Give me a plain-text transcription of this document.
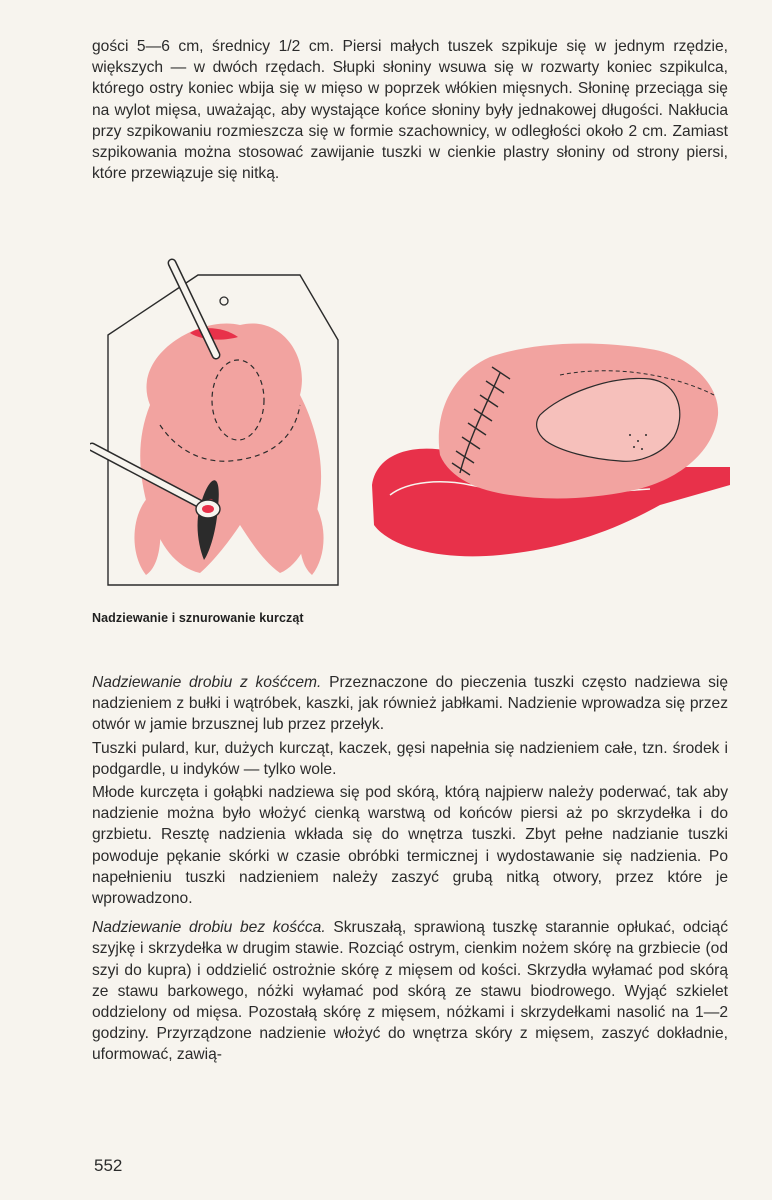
gości 5—6 cm, średnicy 1/2 cm. Piersi małych tuszek szpikuje się w jednym rzędzie, większych — w dwóch rzędach. Słupki słoniny wsuwa się w rozwarty koniec szpikulca, którego ostry koniec wbija się w mięso w poprzek włókien mięsnych. Słoninę przeciąga się na wylot mięsa, uważając, aby wystające końce słoniny były jednakowej długości. Nakłucia przy szpikowaniu rozmieszcza się w formie szachownicy, w odległości około 2 cm. Zamiast szpikowania można stosować zawijanie tuszki w cienkie plastry słoniny od strony piersi, które przewiązuje się nitką.

Nadziewanie i sznurowanie kurcząt

Nadziewanie drobiu z kośćcem. Przeznaczone do pieczenia tuszki często nadziewa się nadzieniem z bułki i wątróbek, kaszki, jak również jabłkami. Nadzienie wprowadza się przez otwór w jamie brzusznej lub przez przełyk.

Tuszki pulard, kur, dużych kurcząt, kaczek, gęsi napełnia się nadzieniem całe, tzn. środek i podgardle, u indyków — tylko wole.

Młode kurczęta i gołąbki nadziewa się pod skórą, którą najpierw należy poderwać, tak aby nadzienie można było włożyć cienką warstwą od końców piersi aż po skrzydełka i do grzbietu. Resztę nadzienia wkłada się do wnętrza tuszki. Zbyt pełne nadzianie tuszki powoduje pękanie skórki w czasie obróbki termicznej i wydostawanie się nadzienia. Po napełnieniu tuszki nadzieniem należy zaszyć grubą nitką otwory, przez które je wprowadzono.

Nadziewanie drobiu bez kośćca. Skruszałą, sprawioną tuszkę starannie opłukać, odciąć szyjkę i skrzydełka w drugim stawie. Rozciąć ostrym, cienkim nożem skórę na grzbiecie (od szyi do kupra) i oddzielić ostrożnie skórę z mięsem od kości. Skrzydła wyłamać pod skórą ze stawu barkowego, nóżki wyłamać pod skórą ze stawu biodrowego. Wyjąć szkielet oddzielony od mięsa. Pozostałą skórę z mięsem, nóżkami i skrzydełkami nasolić na 1—2 godziny. Przyrządzone nadzienie włożyć do wnętrza skóry z mięsem, zaszyć dokładnie, uformować, zawią-

552
